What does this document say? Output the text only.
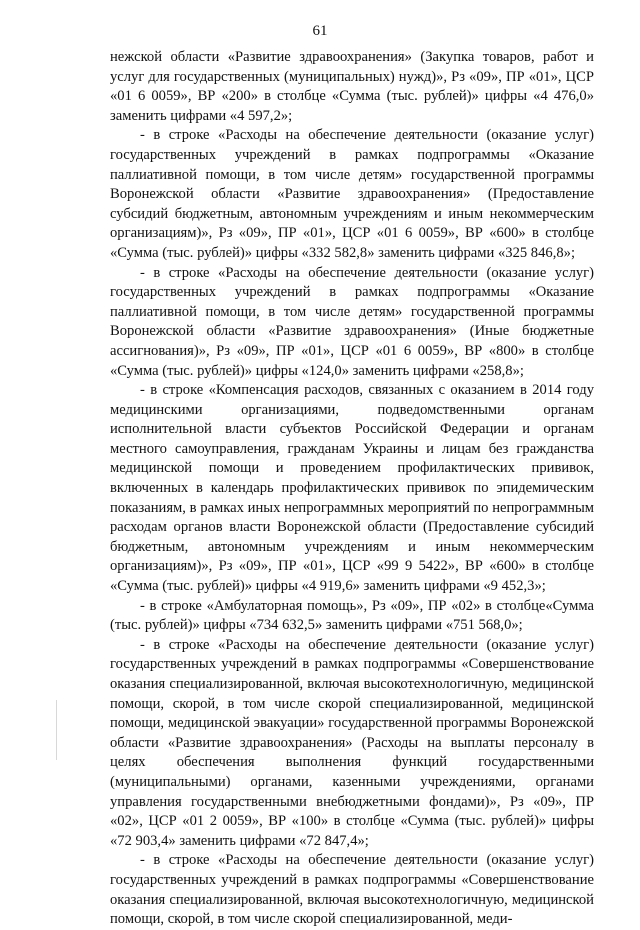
61

нежской области «Развитие здравоохранения» (Закупка товаров, работ и услуг для государственных (муниципальных) нужд)», Рз «09», ПР «01», ЦСР «01 6 0059», ВР «200» в столбце «Сумма (тыс. рублей)» цифры «4 476,0» заменить цифрами «4 597,2»;

- в строке «Расходы на обеспечение деятельности (оказание услуг) государственных учреждений в рамках подпрограммы «Оказание паллиативной помощи, в том числе детям» государственной программы Воронежской области «Развитие здравоохранения» (Предоставление субсидий бюджетным, автономным учреждениям и иным некоммерческим организациям)», Рз «09», ПР «01», ЦСР «01 6 0059», ВР «600» в столбце «Сумма (тыс. рублей)» цифры «332 582,8» заменить цифрами «325 846,8»;

- в строке «Расходы на обеспечение деятельности (оказание услуг) государственных учреждений в рамках подпрограммы «Оказание паллиативной помощи, в том числе детям» государственной программы Воронежской области «Развитие здравоохранения» (Иные бюджетные ассигнования)», Рз «09», ПР «01», ЦСР «01 6 0059», ВР «800» в столбце «Сумма (тыс. рублей)» цифры «124,0» заменить цифрами «258,8»;

- в строке «Компенсация расходов, связанных с оказанием в 2014 году медицинскими организациями, подведомственными органам исполнительной власти субъектов Российской Федерации и органам местного самоуправления, гражданам Украины и лицам без гражданства медицинской помощи и проведением профилактических прививок, включенных в календарь профилактических прививок по эпидемическим показаниям, в рамках иных непрограммных мероприятий по непрограммным расходам органов власти Воронежской области (Предоставление субсидий бюджетным, автономным учреждениям и иным некоммерческим организациям)», Рз «09», ПР «01», ЦСР «99 9 5422», ВР «600» в столбце «Сумма (тыс. рублей)» цифры «4 919,6» заменить цифрами «9 452,3»;

- в строке «Амбулаторная помощь», Рз «09», ПР «02» в столбце«Сумма (тыс. рублей)» цифры «734 632,5» заменить цифрами «751 568,0»;

- в строке «Расходы на обеспечение деятельности (оказание услуг) государственных учреждений в рамках подпрограммы «Совершенствование оказания специализированной, включая высокотехнологичную, медицинской помощи, скорой, в том числе скорой специализированной, медицинской помощи, медицинской эвакуации» государственной программы Воронежской области «Развитие здравоохранения» (Расходы на выплаты персоналу в целях обеспечения выполнения функций государственными (муниципальными) органами, казенными учреждениями, органами управления государственными внебюджетными фондами)», Рз «09», ПР «02», ЦСР «01 2 0059», ВР «100» в столбце «Сумма (тыс. рублей)» цифры «72 903,4» заменить цифрами «72 847,4»;

- в строке «Расходы на обеспечение деятельности (оказание услуг) государственных учреждений в рамках подпрограммы «Совершенствование оказания специализированной, включая высокотехнологичную, медицинской помощи, скорой, в том числе скорой специализированной, меди-
